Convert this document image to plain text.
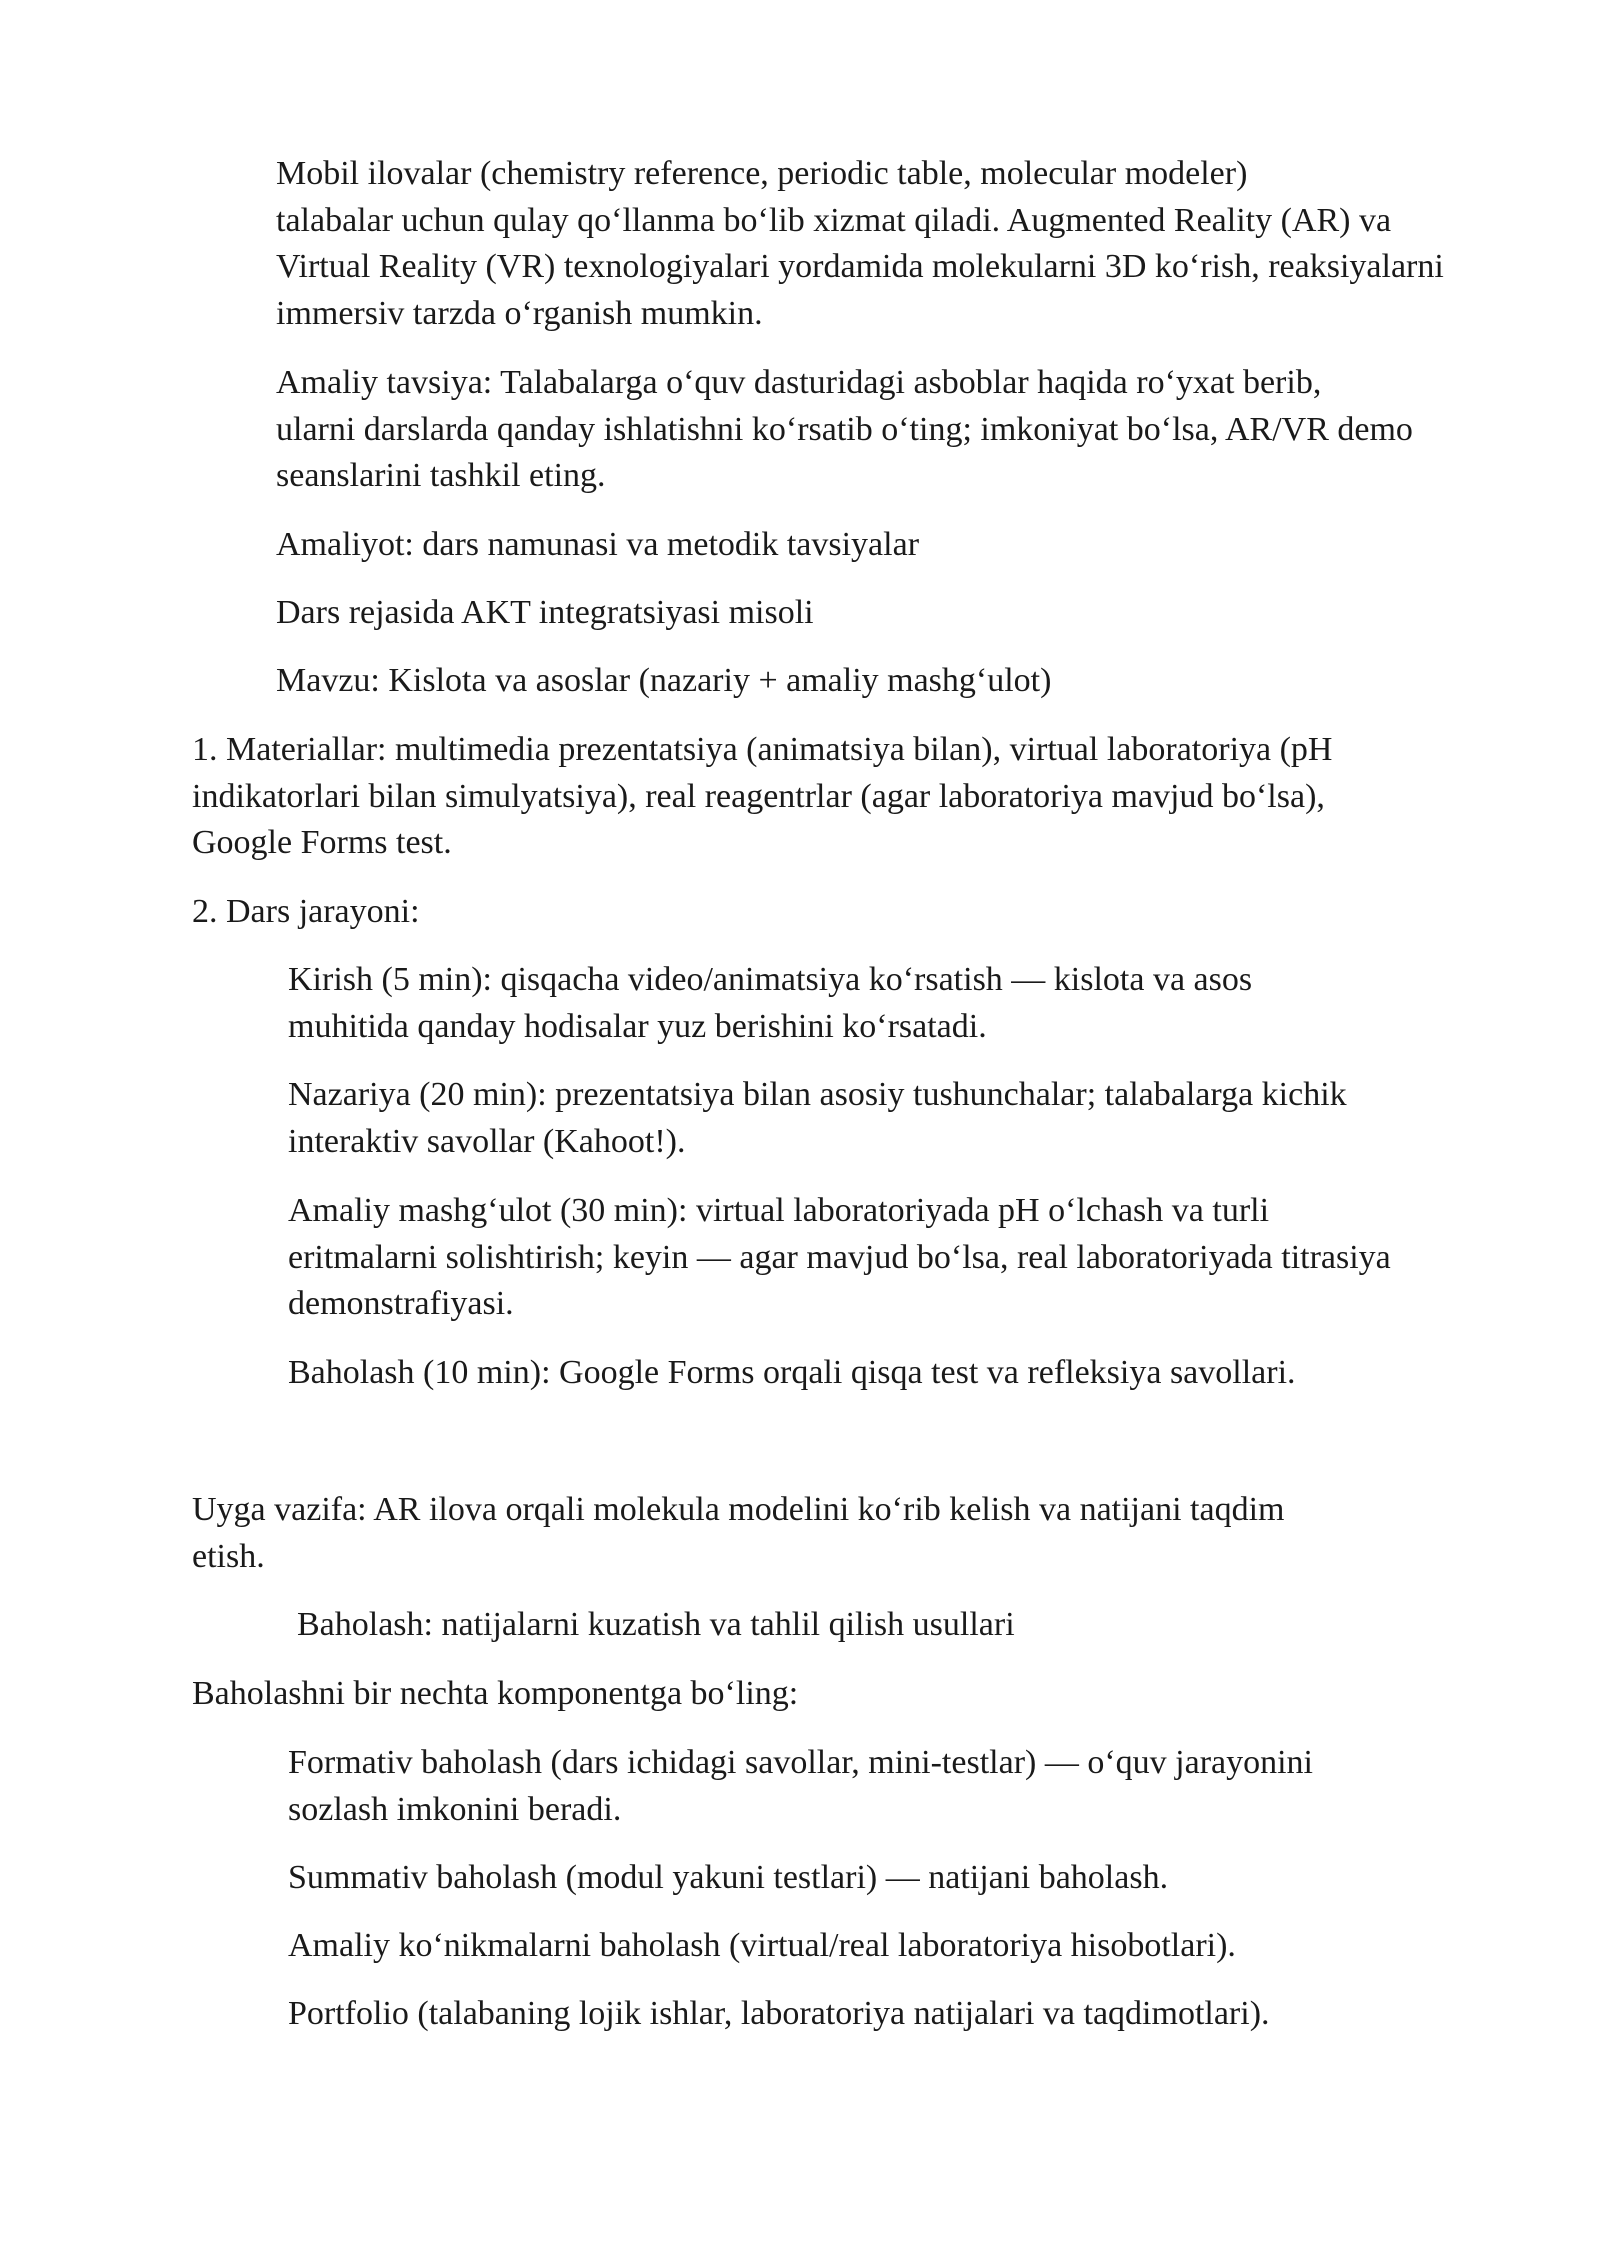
Mobil ilovalar (chemistry reference, periodic table, molecular modeler)
talabalar uchun qulay qo‘llanma bo‘lib xizmat qiladi. Augmented Reality (AR) va
Virtual Reality (VR) texnologiyalari yordamida molekularni 3D ko‘rish, reaksiyalarni
immersiv tarzda o‘rganish mumkin.

Amaliy tavsiya: Talabalarga o‘quv dasturidagi asboblar haqida ro‘yxat berib,
ularni darslarda qanday ishlatishni ko‘rsatib o‘ting; imkoniyat bo‘lsa, AR/VR demo
seanslarini tashkil eting.

Amaliyot: dars namunasi va metodik tavsiyalar

Dars rejasida AKT integratsiyasi misoli

Mavzu: Kislota va asoslar (nazariy + amaliy mashg‘ulot)

1. Materiallar: multimedia prezentatsiya (animatsiya bilan), virtual laboratoriya (pH
indikatorlari bilan simulyatsiya), real reagentrlar (agar laboratoriya mavjud bo‘lsa),
Google Forms test.

2. Dars jarayoni:

Kirish (5 min): qisqacha video/animatsiya ko‘rsatish — kislota va asos
muhitida qanday hodisalar yuz berishini ko‘rsatadi.

Nazariya (20 min): prezentatsiya bilan asosiy tushunchalar; talabalarga kichik
interaktiv savollar (Kahoot!).

Amaliy mashg‘ulot (30 min): virtual laboratoriyada pH o‘lchash va turli
eritmalarni solishtirish; keyin — agar mavjud bo‘lsa, real laboratoriyada titrasiya
demonstrafiyasi.

Baholash (10 min): Google Forms orqali qisqa test va refleksiya savollari.

Uyga vazifa: AR ilova orqali molekula modelini ko‘rib kelish va natijani taqdim
etish.

Baholash: natijalarni kuzatish va tahlil qilish usullari

Baholashni bir nechta komponentga bo‘ling:

Formativ baholash (dars ichidagi savollar, mini-testlar) — o‘quv jarayonini
sozlash imkonini beradi.

Summativ baholash (modul yakuni testlari) — natijani baholash.

Amaliy ko‘nikmalarni baholash (virtual/real laboratoriya hisobotlari).

Portfolio (talabaning lojik ishlar, laboratoriya natijalari va taqdimotlari).
